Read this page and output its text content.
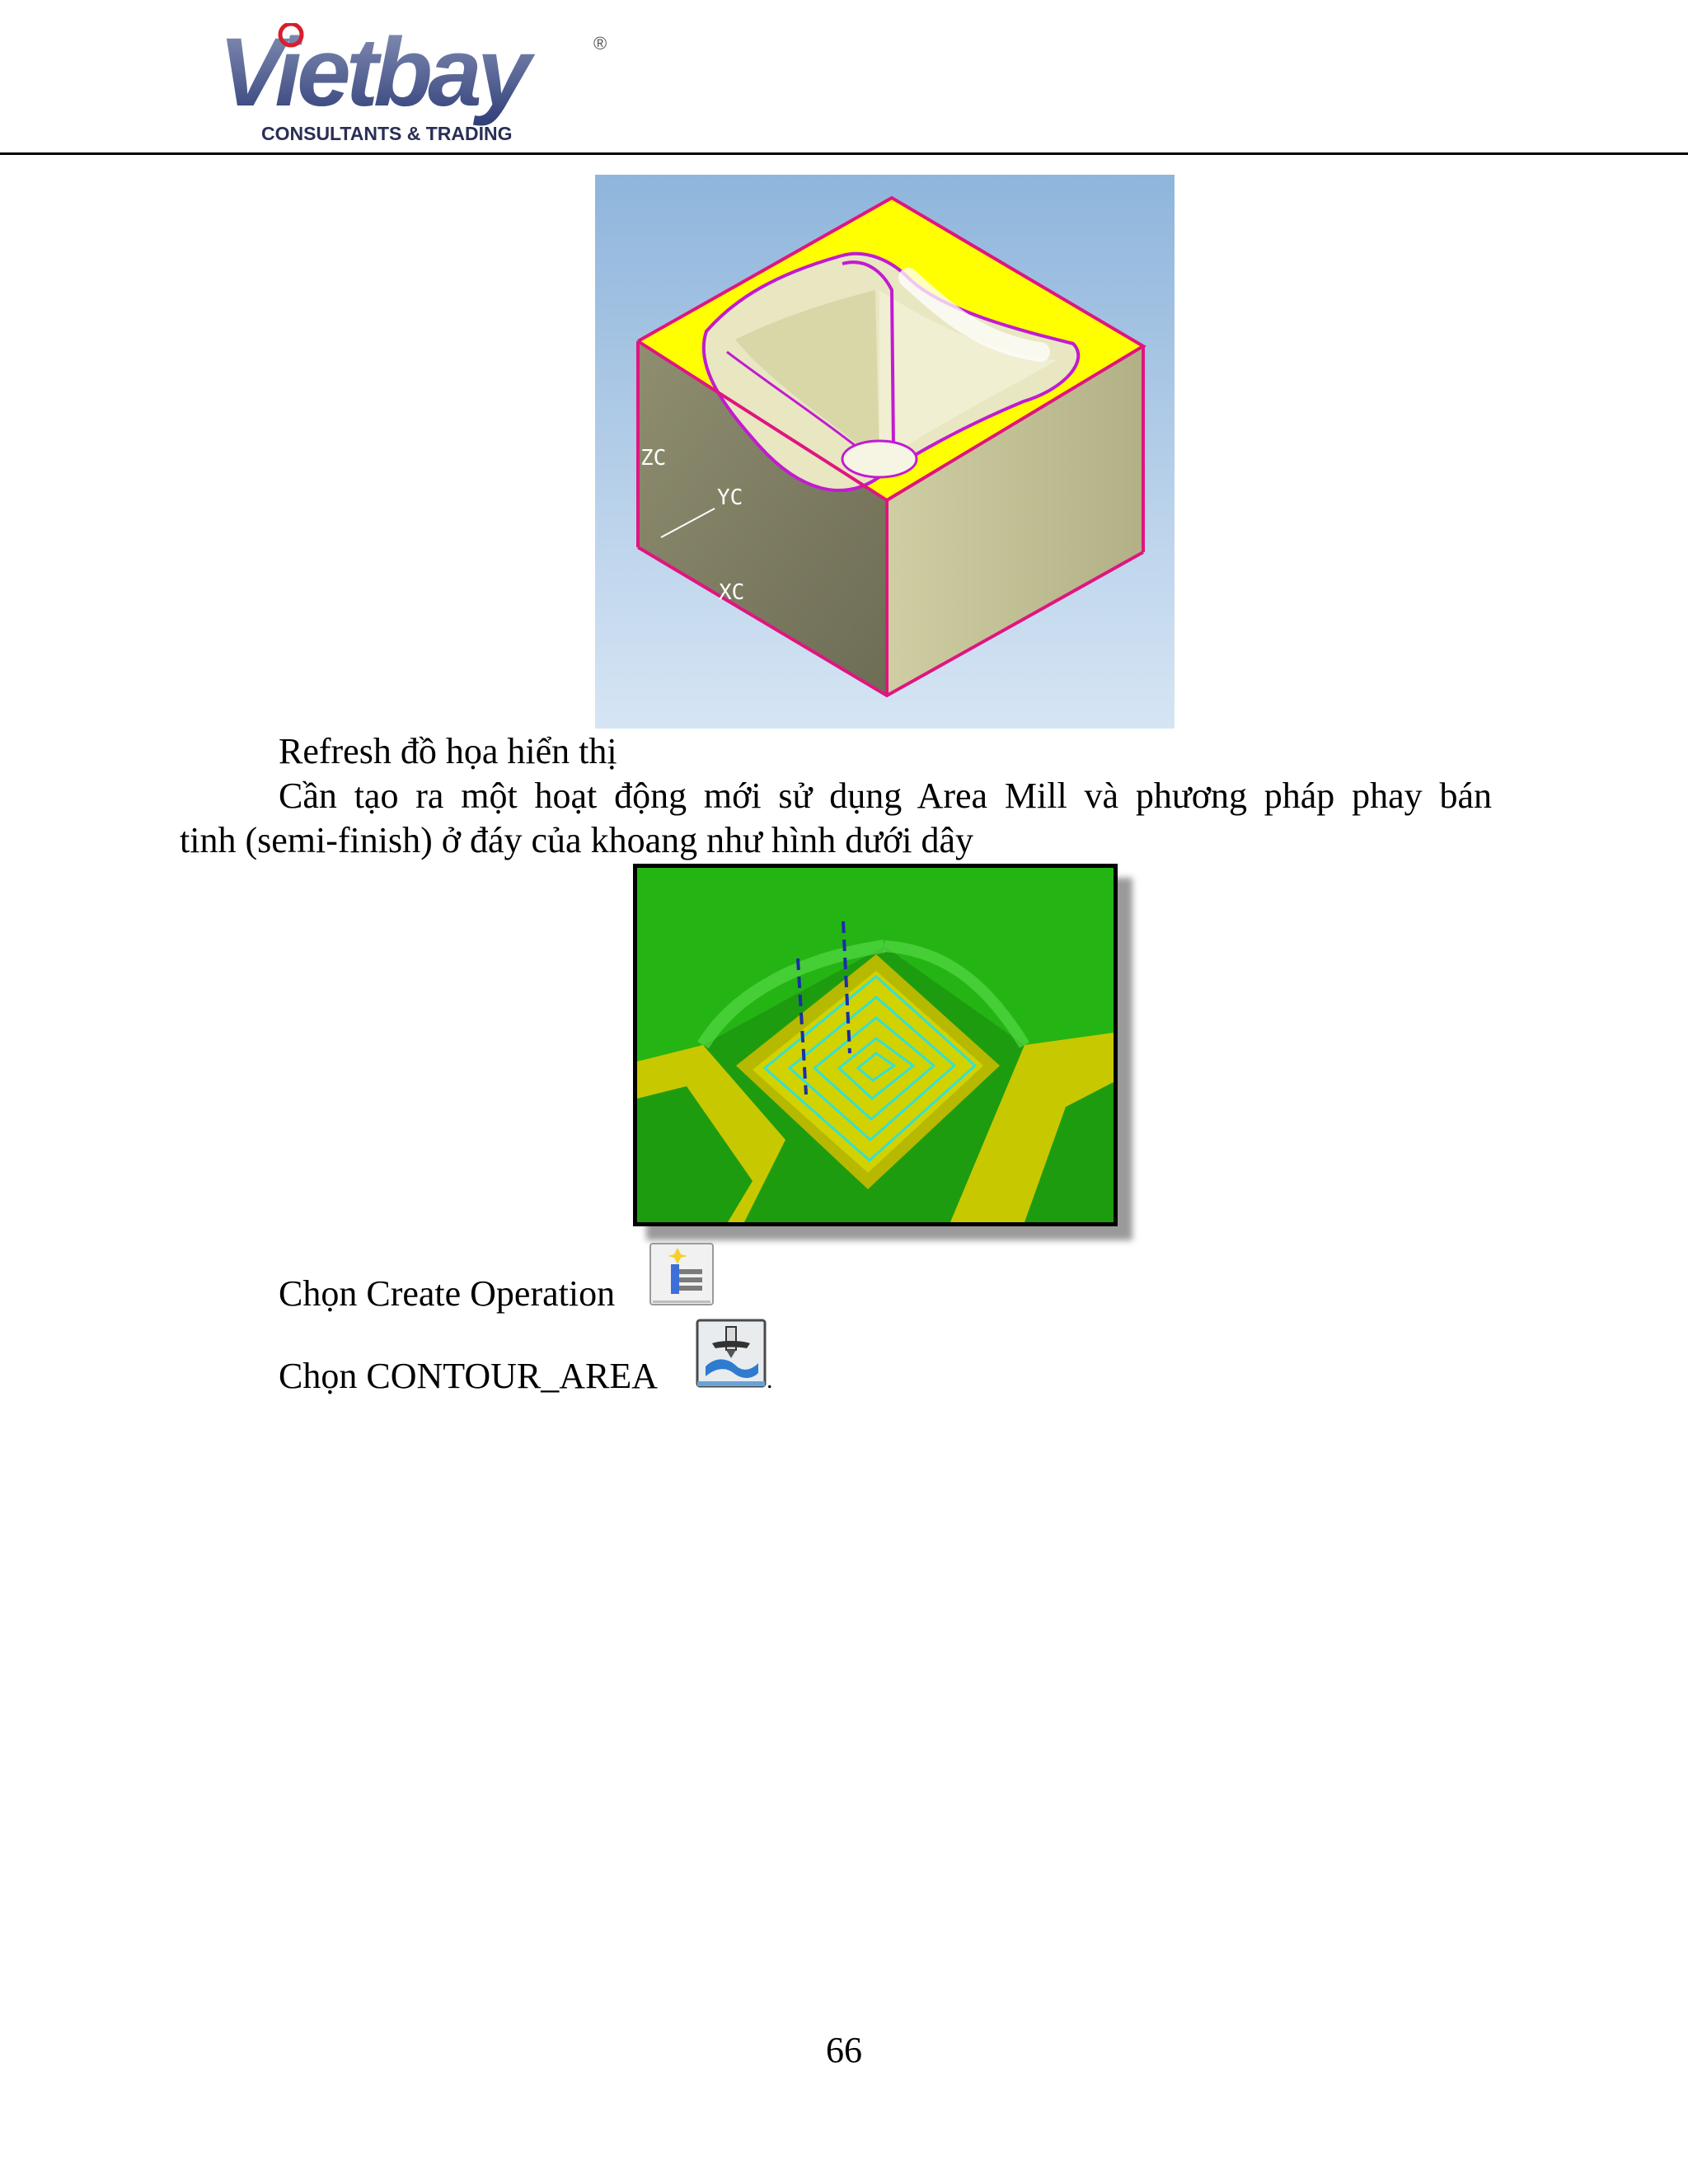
Vietbay	®
CONSULTANTS & TRADING
ZC
YC
XC
Refresh đồ họa hiển thị
Cần tạo ra một hoạt động mới sử dụng Area Mill và phương pháp phay bán
tinh (semi-finish) ở đáy của khoang như hình dưới dây
Chọn Create Operation
Chọn CONTOUR_AREA	.
66
